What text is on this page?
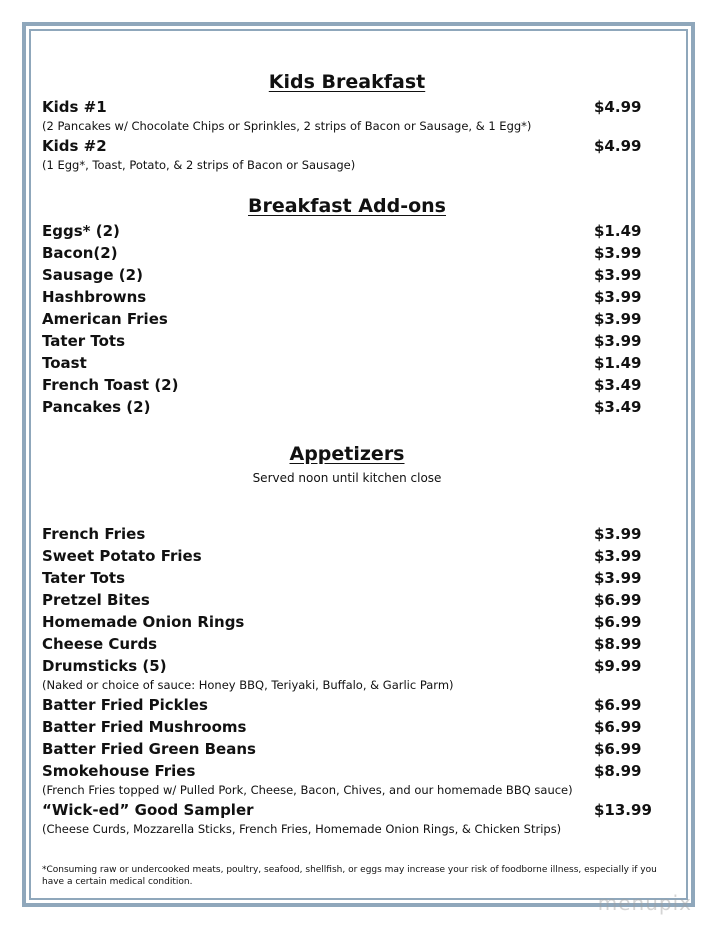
Kids Breakfast
Kids #1	$4.99
(2 Pancakes w/ Chocolate Chips or Sprinkles, 2 strips of Bacon or Sausage, & 1 Egg*)
Kids #2	$4.99
(1 Egg*, Toast, Potato, & 2 strips of Bacon or Sausage)
Breakfast Add-ons
Eggs* (2)	$1.49
Bacon(2)	$3.99
Sausage (2)	$3.99
Hashbrowns	$3.99
American Fries	$3.99
Tater Tots	$3.99
Toast	$1.49
French Toast (2)	$3.49
Pancakes (2)	$3.49
Appetizers
Served noon until kitchen close
French Fries	$3.99
Sweet Potato Fries	$3.99
Tater Tots	$3.99
Pretzel Bites	$6.99
Homemade Onion Rings	$6.99
Cheese Curds	$8.99
Drumsticks (5)	$9.99
(Naked or choice of sauce: Honey BBQ, Teriyaki, Buffalo, & Garlic Parm)
Batter Fried Pickles	$6.99
Batter Fried Mushrooms	$6.99
Batter Fried Green Beans	$6.99
Smokehouse Fries	$8.99
(French Fries topped w/ Pulled Pork, Cheese, Bacon, Chives, and our homemade BBQ sauce)
“Wick-ed” Good Sampler	$13.99
(Cheese Curds, Mozzarella Sticks, French Fries, Homemade Onion Rings, & Chicken Strips)
*Consuming raw or undercooked meats, poultry, seafood, shellfish, or eggs may increase your risk of foodborne illness, especially if you have a certain medical condition.
menupix
